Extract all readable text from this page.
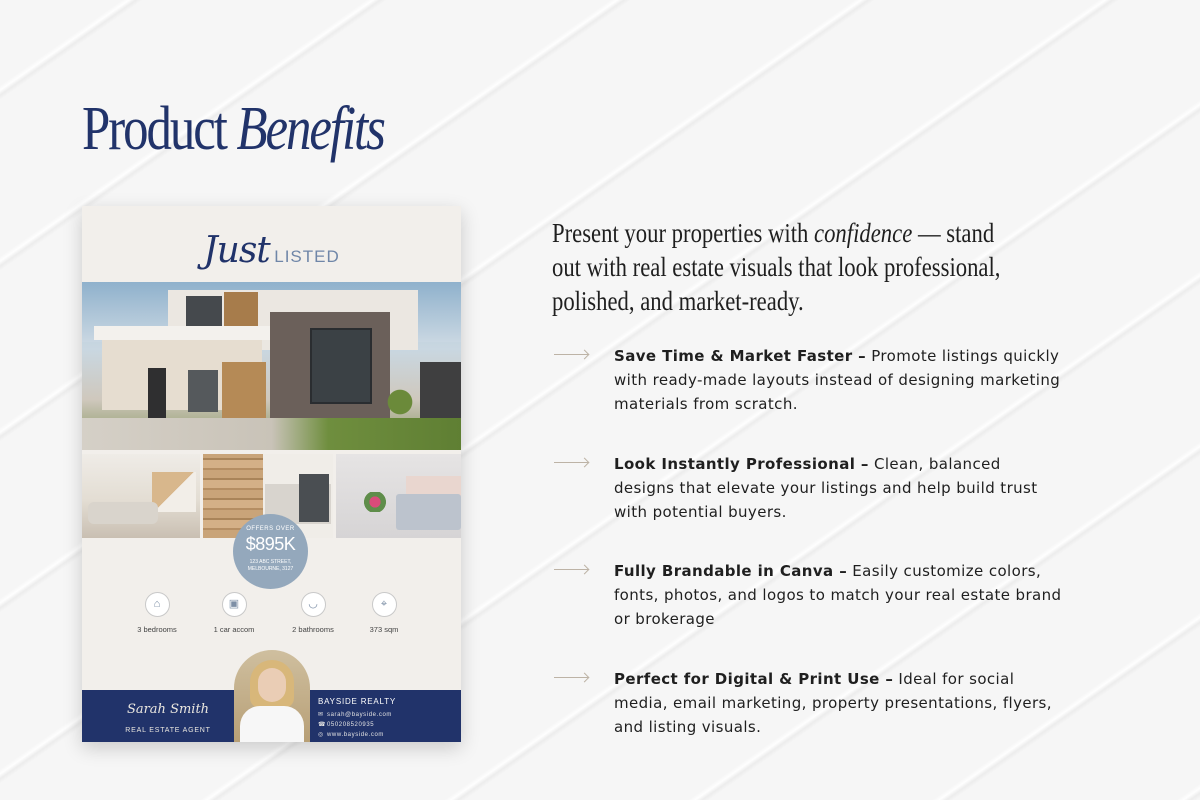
Product Benefits
Just LISTED
OFFERS OVER
$895K
123 ABC STREET,
MELBOURNE, 3127
⌂
3 bedrooms
▣
1 car accom
◡
2 bathrooms
⌖
373 sqm
Sarah Smith
REAL ESTATE AGENT
BAYSIDE REALTY
✉ sarah@bayside.com
☎050208520935
◎ www.bayside.com
Present your properties with confidence — stand out with real estate visuals that look professional, polished, and market-ready.
Save Time & Market Faster – Promote listings quickly with ready-made layouts instead of designing marketing materials from scratch.
Look Instantly Professional – Clean, balanced designs that elevate your listings and help build trust with potential buyers.
Fully Brandable in Canva – Easily customize colors, fonts, photos, and logos to match your real estate brand or brokerage
Perfect for Digital & Print Use – Ideal for social media, email marketing, property presentations, flyers, and listing visuals.
